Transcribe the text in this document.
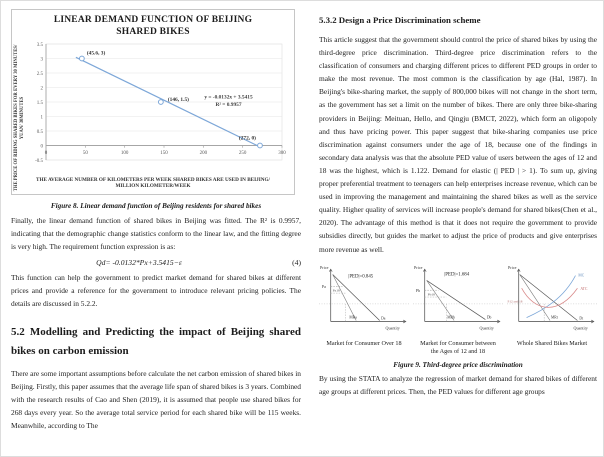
LINEAR DEMAND FUNCTION OF BEIJING SHARED BIKES
THE PRICE OF RIDING SHARED BIKES FOR EVERY 30 MINUTES/ YUAN/ 30MINUTES
-0.5
0
0.5
1
1.5
2
2.5
3
3.5
0	50	100	150	200	250	300
(45.6, 3)
(146, 1.5)
(272, 0)
y = -0.0132x + 3.5415
R² = 0.9957
THE AVERAGE NUMBER OF KILOMETERS PER WEEK SHARED BIKES ARE USED IN BEIJING/ MILLION KILOMETER/WEEK
Figure 8. Linear demand function of Beijing residents for shared bikes
Finally, the linear demand function of shared bikes in Beijing was fitted. The R² is 0.9957, indicating that the demographic change statistics conform to the linear law, and the fitting degree is very high. The requirement function expression is as:
Qd= -0.0132*Px+3.5415−ε	(4)
This function can help the government to predict market demand for shared bikes at different prices and provide a reference for the government to introduce relevant pricing policies. The details are discussed in 5.2.2.
5.2 Modelling and Predicting the impact of Beijing shared bikes on carbon emission
There are some important assumptions before calculate the net carbon emission of shared bikes in Beijing. Firstly, this paper assumes that the average life span of shared bikes is 3 years. Combined with the research results of Cao and Shen (2019), it is assumed that people use shared bikes for 268 days every year. So the average total service period for each shared bike will be 115 weeks. Meanwhile, according to The
5.3.2 Design a Price Discrimination scheme
This article suggest that the government should control the price of shared bikes by using the third-degree price discrimination. Third-degree price discrimination refers to the classification of consumers and charging different prices to different PED groups in order to make the most revenue. The most common is the classification by age (Hal, 1987). In Beijing's bike-sharing market, the supply of 800,000 bikes will not change in the short term, as the government has set a limit on the number of bikes. There are only three bike-sharing providers in Beijing: Meituan, Hello, and Qingju (BMCT, 2022), which form an oligopoly and thus have pricing power. This paper suggest that bike-sharing companies use price discrimination against consumers under the age of 18, because one of the findings in secondary data analysis was that the absolute PED value of users between the ages of 12 and 18 was the highest, which is 1.122. Demand for elastic (| PED | > 1). To sum up, giving proper preferential treatment to teenagers can help enterprises increase revenue, which can be used in improving the management and maintaining the shared bikes as well as the service quality. Higher quality of services will increase people's demand for shared bikes(Chen et al., 2020). The advantage of this method is that it does not require the government to provide subsidies directly, but guides the market to adjust the price of products and give enterprises more revenue as well.
Price
Quantity
|PED|=0.845
Pa
Pa18
MRa	Da
Market for Consumer Over 18
Price
Quantity
|PED|=1.684
Pb
Pb18
MRb	Db
Market for Consumer between
the Ages of 12 and 18
Price
Quantity
P12 and 18
MC
ATC
MRt	Dt
Whole Shared Bikes Market
Figure 9. Third-degree price discrimination
By using the STATA to analyze the regression of market demand for shared bikes of different age groups at different prices. Then, the PED values for different age groups
